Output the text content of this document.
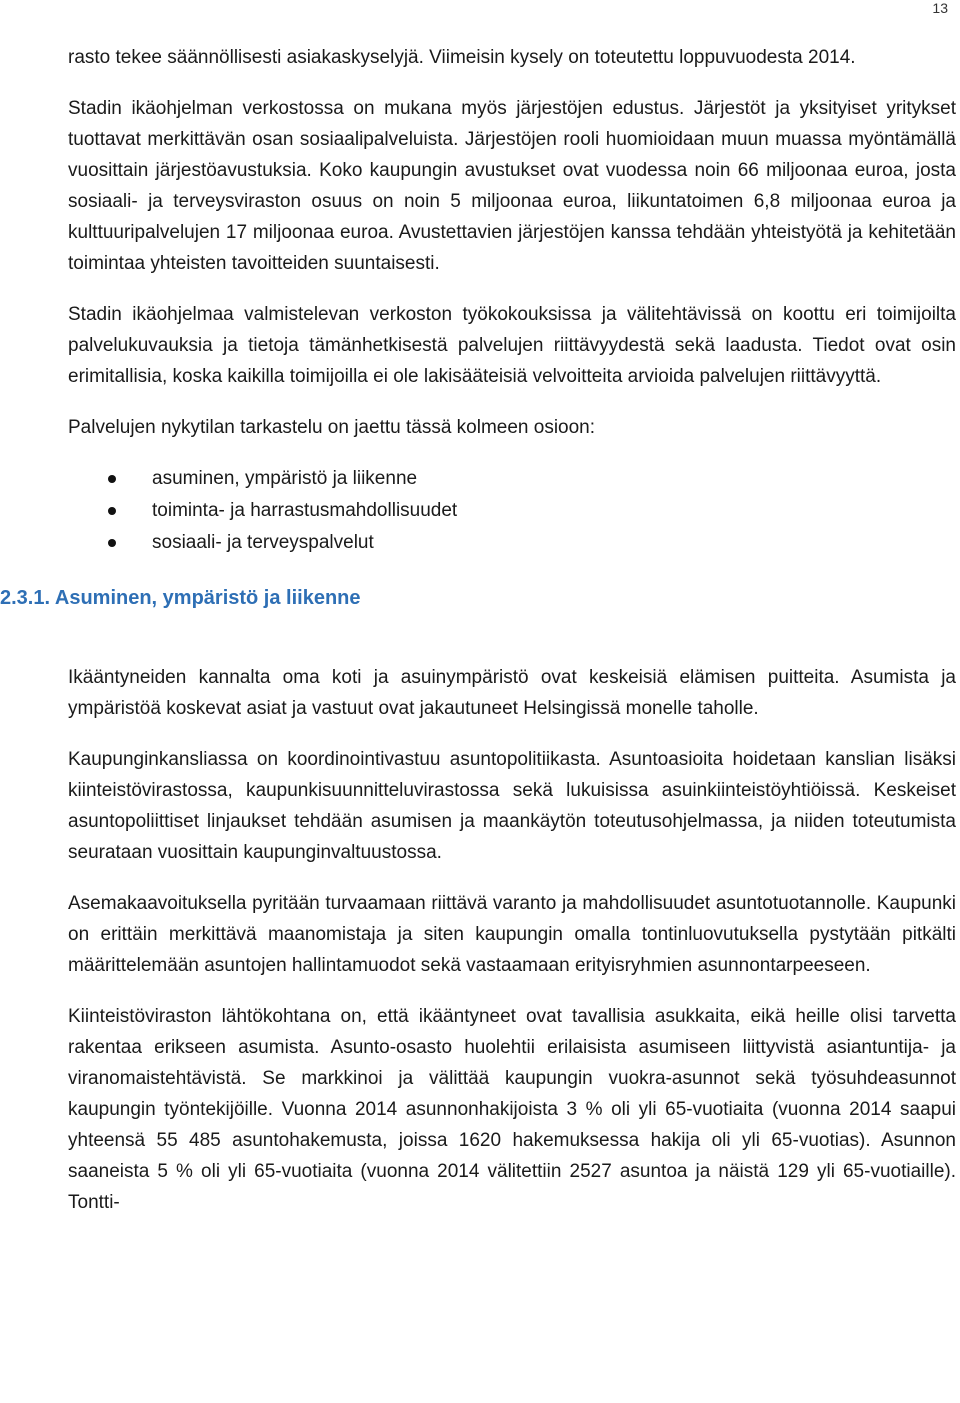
13

rasto tekee säännöllisesti asiakaskyselyjä. Viimeisin kysely on toteutettu loppuvuodesta 2014.

Stadin ikäohjelman verkostossa on mukana myös järjestöjen edustus. Järjestöt ja yksityiset yritykset tuottavat merkittävän osan sosiaalipalveluista. Järjestöjen rooli huomioidaan muun muassa myöntämällä vuosittain järjestöavustuksia. Koko kaupungin avustukset ovat vuodessa noin 66 miljoonaa euroa, josta sosiaali- ja terveysviraston osuus on noin 5 miljoonaa euroa, liikuntatoimen 6,8 miljoonaa euroa ja kulttuuripalvelujen 17 miljoonaa euroa. Avustettavien järjestöjen kanssa tehdään yhteistyötä ja kehitetään toimintaa yhteisten tavoitteiden suuntaisesti.

Stadin ikäohjelmaa valmistelevan verkoston työkokouksissa ja välitehtävissä on koottu eri toimijoilta palvelukuvauksia ja tietoja tämänhetkisestä palvelujen riittävyydestä sekä laadusta. Tiedot ovat osin erimitallisia, koska kaikilla toimijoilla ei ole lakisääteisiä velvoitteita arvioida palvelujen riittävyyttä.

Palvelujen nykytilan tarkastelu on jaettu tässä kolmeen osioon:

asuminen, ympäristö ja liikenne
toiminta- ja harrastusmahdollisuudet
sosiaali- ja terveyspalvelut
2.3.1. Asuminen, ympäristö ja liikenne

Ikääntyneiden kannalta oma koti ja asuinympäristö ovat keskeisiä elämisen puitteita. Asumista ja ympäristöä koskevat asiat ja vastuut ovat jakautuneet Helsingissä monelle taholle.

Kaupunginkansliassa on koordinointivastuu asuntopolitiikasta. Asuntoasioita hoidetaan kanslian lisäksi kiinteistövirastossa, kaupunkisuunnitteluvirastossa sekä lukuisissa asuinkiinteistöyhtiöissä. Keskeiset asuntopoliittiset linjaukset tehdään asumisen ja maankäytön toteutusohjelmassa, ja niiden toteutumista seurataan vuosittain kaupunginvaltuustossa.

Asemakaavoituksella pyritään turvaamaan riittävä varanto ja mahdollisuudet asuntotuotannolle. Kaupunki on erittäin merkittävä maanomistaja ja siten kaupungin omalla tontinluovutuksella pystytään pitkälti määrittelemään asuntojen hallintamuodot sekä vastaamaan erityisryhmien asunnontarpeeseen.

Kiinteistöviraston lähtökohtana on, että ikääntyneet ovat tavallisia asukkaita, eikä heille olisi tarvetta rakentaa erikseen asumista. Asunto-osasto huolehtii erilaisista asumiseen liittyvistä asiantuntija- ja viranomaistehtävistä. Se markkinoi ja välittää kaupungin vuokra-asunnot sekä työsuhdeasunnot kaupungin työntekijöille. Vuonna 2014 asunnonhakijoista 3 % oli yli 65-vuotiaita (vuonna 2014 saapui yhteensä 55 485 asuntohakemusta, joissa 1620 hakemuksessa hakija oli yli 65-vuotias). Asunnon saaneista 5 % oli yli 65-vuotiaita (vuonna 2014 välitettiin 2527 asuntoa ja näistä 129 yli 65-vuotiaille). Tontti-
